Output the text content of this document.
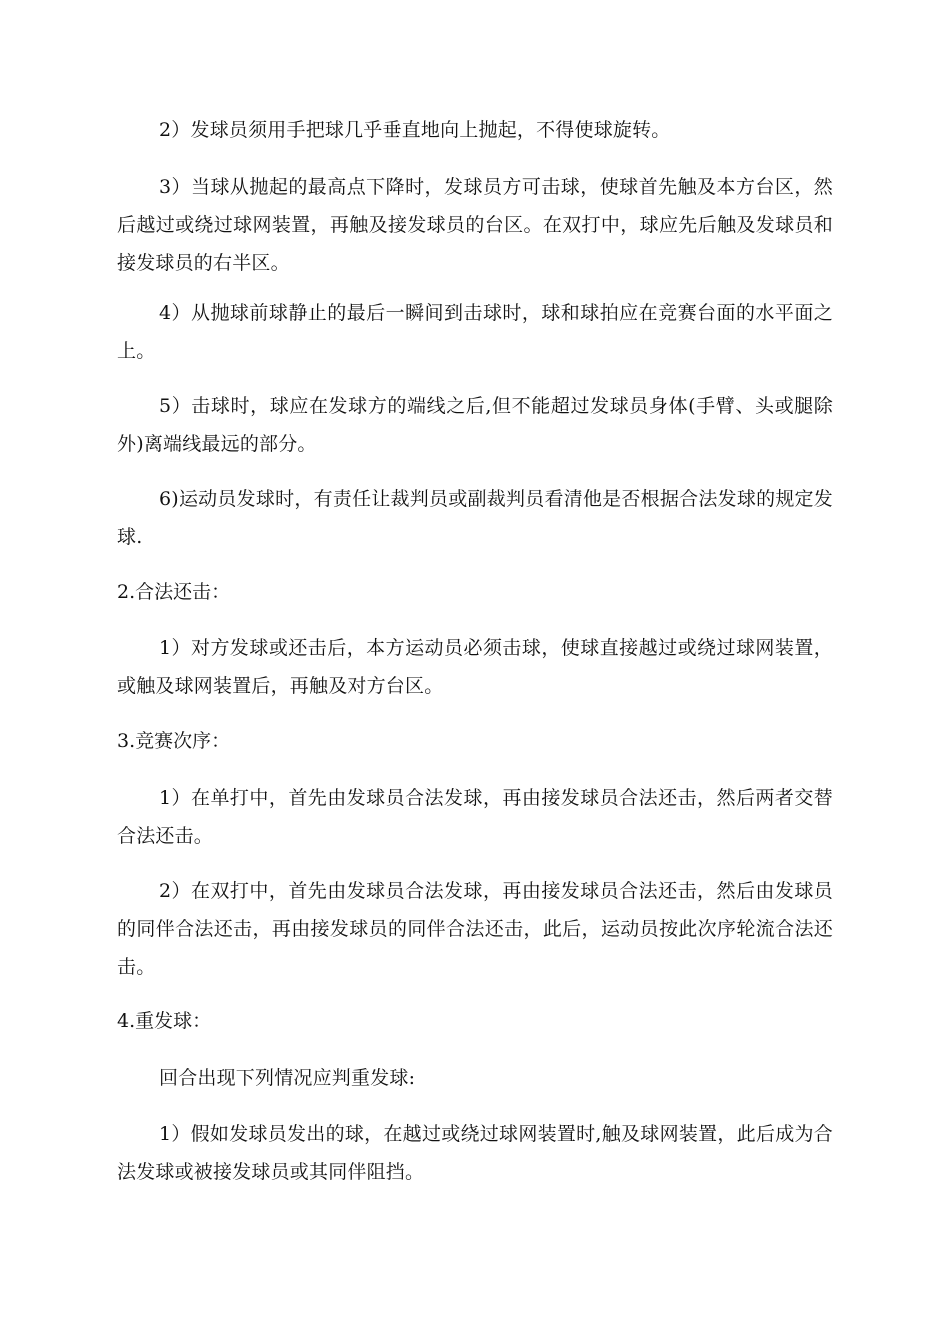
2）发球员须用手把球几乎垂直地向上抛起，不得使球旋转。

3）当球从抛起的最高点下降时，发球员方可击球，使球首先触及本方台区，然后越过或绕过球网装置，再触及接发球员的台区。在双打中，球应先后触及发球员和接发球员的右半区。

4）从抛球前球静止的最后一瞬间到击球时，球和球拍应在竞赛台面的水平面之上。

5）击球时，球应在发球方的端线之后,但不能超过发球员身体(手臂、头或腿除外)离端线最远的部分。

6)运动员发球时，有责任让裁判员或副裁判员看清他是否根据合法发球的规定发球.

2.合法还击：

1）对方发球或还击后，本方运动员必须击球，使球直接越过或绕过球网装置，或触及球网装置后，再触及对方台区。

3.竞赛次序：

1）在单打中，首先由发球员合法发球，再由接发球员合法还击，然后两者交替合法还击。

2）在双打中，首先由发球员合法发球，再由接发球员合法还击，然后由发球员的同伴合法还击，再由接发球员的同伴合法还击，此后，运动员按此次序轮流合法还击。

4.重发球：

回合出现下列情况应判重发球:

1）假如发球员发出的球，在越过或绕过球网装置时,触及球网装置，此后成为合法发球或被接发球员或其同伴阻挡。
